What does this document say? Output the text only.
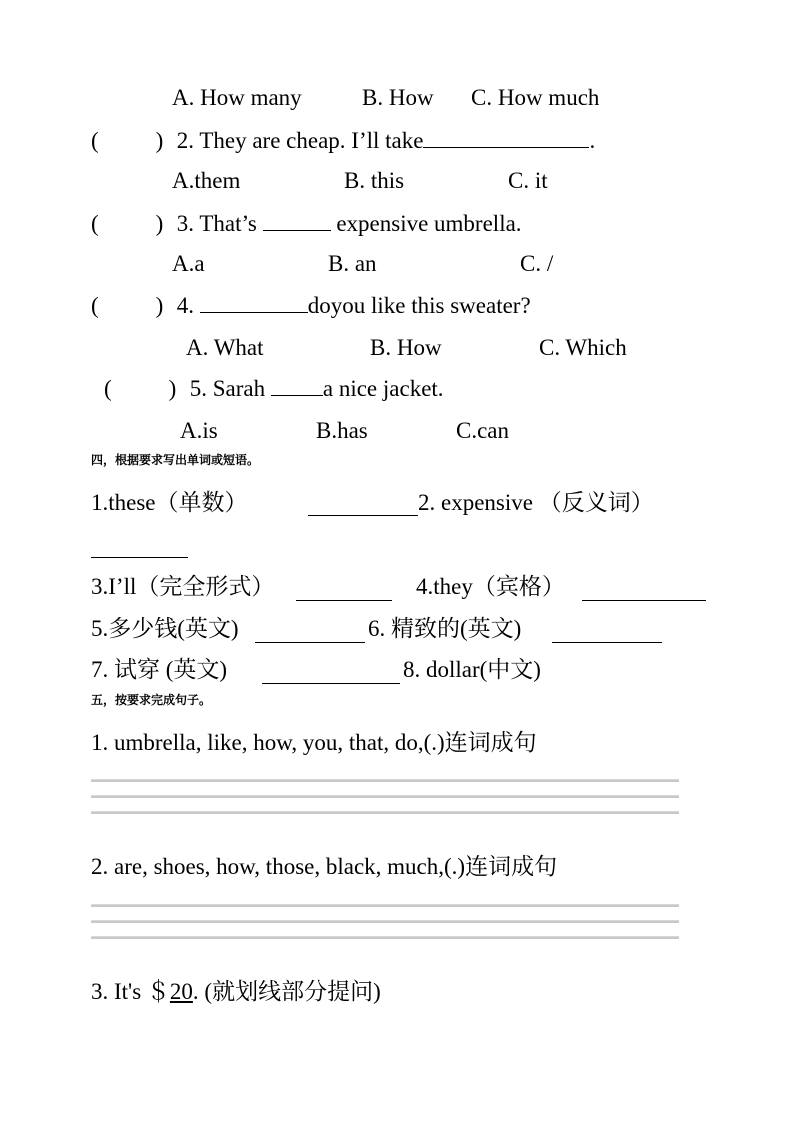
A. How many	B. How C. How much
( ) 2. They are cheap. I’ll take	.
A.them	B. this	C. it
( ) 3. That’s	expensive umbrella.
A.a	B. an	C. /
( ) 4.	doyou like this sweater?
A. What	B. How	C. Which
( ) 5. Sarah	a nice jacket.
A.is	B.has	C.can
四，根据要求写出单词或短语。
1.these（单数）	2. expensive （反义词）
3.I’ll（完全形式）	4.they（宾格）
5.多少钱(英文)	6. 精致的(英文)
7. 试穿 (英文)	8. dollar(中文)
五，按要求完成句子。
1. umbrella, like, how, you, that, do,(.)连词成句
2. are, shoes, how, those, black, much,(.)连词成句
3. It's ＄20. (就划线部分提问)
